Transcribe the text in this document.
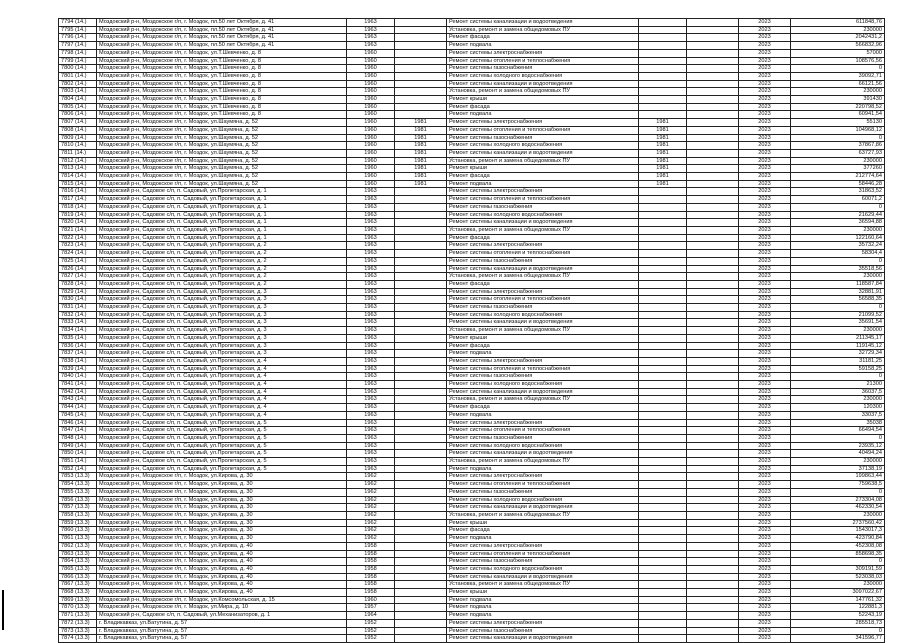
7794 (14.)	Моздокский р-н, Моздокское г/п, г. Моздок, пл.50 лет Октября, д. 41	1963		Ремонт системы канализации и водоотведения			2023	611848,76
7795 (14.)	Моздокский р-н, Моздокское г/п, г. Моздок, пл.50 лет Октября, д. 41	1963		Установка, ремонт и замена общедомовых ПУ			2023	230000
7796 (14.)	Моздокский р-н, Моздокское г/п, г. Моздок, пл.50 лет Октября, д. 41	1963		Ремонт фасада			2023	2042431,2
7797 (14.)	Моздокский р-н, Моздокское г/п, г. Моздок, пл.50 лет Октября, д. 41	1963		Ремонт подвала			2023	566832,96
7798 (14.)	Моздокский р-н, Моздокское г/п, г. Моздок, ул.Т.Шевченко, д. 8	1960		Ремонт системы электроснабжения			2023	57000
7799 (14.)	Моздокский р-н, Моздокское г/п, г. Моздок, ул.Т.Шевченко, д. 8	1960		Ремонт системы отопления и теплоснабжения			2023	108576,56
7800 (14.)	Моздокский р-н, Моздокское г/п, г. Моздок, ул.Т.Шевченко, д. 8	1960		Ремонт системы газоснабжения			2023	0
7801 (14.)	Моздокский р-н, Моздокское г/п, г. Моздок, ул.Т.Шевченко, д. 8	1960		Ремонт системы холодного водоснабжения			2023	39092,71
7802 (14.)	Моздокский р-н, Моздокское г/п, г. Моздок, ул.Т.Шевченко, д. 8	1960		Ремонт системы канализации и водоотведения			2023	66121,56
7803 (14.)	Моздокский р-н, Моздокское г/п, г. Моздок, ул.Т.Шевченко, д. 8	1960		Установка, ремонт и замена общедомовых ПУ			2023	230000
7804 (14.)	Моздокский р-н, Моздокское г/п, г. Моздок, ул.Т.Шевченко, д. 8	1960		Ремонт крыши			2023	391430
7805 (14.)	Моздокский р-н, Моздокское г/п, г. Моздок, ул.Т.Шевченко, д. 8	1960		Ремонт фасада			2023	220798,52
7806 (14.)	Моздокский р-н, Моздокское г/п, г. Моздок, ул.Т.Шевченко, д. 8	1960		Ремонт подвала			2023	60941,54
7807 (14.)	Моздокский р-н, Моздокское г/п, г. Моздок, ул.Шаумяна, д. 52	1960	1981	Ремонт системы электроснабжения	1981		2023	55130
7808 (14.)	Моздокский р-н, Моздокское г/п, г. Моздок, ул.Шаумяна, д. 52	1960	1981	Ремонт системы отопления и теплоснабжения	1981		2023	104968,12
7809 (14.)	Моздокский р-н, Моздокское г/п, г. Моздок, ул.Шаумяна, д. 52	1960	1981	Ремонт системы газоснабжения	1981		2023	0
7810 (14.)	Моздокский р-н, Моздокское г/п, г. Моздок, ул.Шаумяна, д. 52	1960	1981	Ремонт системы холодного водоснабжения	1981		2023	37867,86
7811 (14.)	Моздокский р-н, Моздокское г/п, г. Моздок, ул.Шаумяна, д. 52	1960	1981	Ремонт системы канализации и водоотведения	1981		2023	63727,93
7812 (14.)	Моздокский р-н, Моздокское г/п, г. Моздок, ул.Шаумяна, д. 52	1960	1981	Установка, ремонт и замена общедомовых ПУ	1981		2023	230000
7813 (14.)	Моздокский р-н, Моздокское г/п, г. Моздок, ул.Шаумяна, д. 52	1960	1981	Ремонт крыши	1981		2023	377260
7814 (14.)	Моздокский р-н, Моздокское г/п, г. Моздок, ул.Шаумяна, д. 52	1960	1981	Ремонт фасада	1981		2023	212774,64
7815 (14.)	Моздокский р-н, Моздокское г/п, г. Моздок, ул.Шаумяна, д. 52	1960	1981	Ремонт подвала	1981		2023	58446,28
7816 (14.)	Моздокский р-н, Садовое с/п, п. Садовый, ул.Пролетарская, д. 1	1963		Ремонт системы электроснабжения			2023	31863,52
7817 (14.)	Моздокский р-н, Садовое с/п, п. Садовый, ул.Пролетарская, д. 1	1963		Ремонт системы отопления и теплоснабжения			2023	60071,2
7818 (14.)	Моздокский р-н, Садовое с/п, п. Садовый, ул.Пролетарская, д. 1	1963		Ремонт системы газоснабжения			2023	0
7819 (14.)	Моздокский р-н, Садовое с/п, п. Садовый, ул.Пролетарская, д. 1	1963		Ремонт системы холодного водоснабжения			2023	21629,44
7820 (14.)	Моздокский р-н, Садовое с/п, п. Садовый, ул.Пролетарская, д. 1	1963		Ремонт системы канализации и водоотведения			2023	36594,88
7821 (14.)	Моздокский р-н, Садовое с/п, п. Садовый, ул.Пролетарская, д. 1	1963		Установка, ремонт и замена общедомовых ПУ			2023	230000
7822 (14.)	Моздокский р-н, Садовое с/п, п. Садовый, ул.Пролетарская, д. 1	1963		Ремонт фасада			2023	122160,64
7823 (14.)	Моздокский р-н, Садовое с/п, п. Садовый, ул.Пролетарская, д. 2	1963		Ремонт системы электроснабжения			2023	35732,24
7824 (14.)	Моздокский р-н, Садовое с/п, п. Садовый, ул.Пролетарская, д. 2	1963		Ремонт системы отопления и теплоснабжения			2023	58304,4
7825 (14.)	Моздокский р-н, Садовое с/п, п. Садовый, ул.Пролетарская, д. 2	1963		Ремонт системы газоснабжения			2023	0
7826 (14.)	Моздокский р-н, Садовое с/п, п. Садовый, ул.Пролетарская, д. 2	1963		Ремонт системы канализации и водоотведения			2023	35518,56
7827 (14.)	Моздокский р-н, Садовое с/п, п. Садовый, ул.Пролетарская, д. 2	1963		Установка, ремонт и замена общедомовых ПУ			2023	230000
7828 (14.)	Моздокский р-н, Садовое с/п, п. Садовый, ул.Пролетарская, д. 2	1963		Ремонт фасада			2023	118587,84
7829 (14.)	Моздокский р-н, Садовое с/п, п. Садовый, ул.Пролетарская, д. 3	1963		Ремонт системы электроснабжения			2023	32881,91
7830 (14.)	Моздокский р-н, Садовое с/п, п. Садовый, ул.Пролетарская, д. 3	1963		Ремонт системы отопления и теплоснабжения			2023	56588,35
7831 (14.)	Моздокский р-н, Садовое с/п, п. Садовый, ул.Пролетарская, д. 3	1963		Ремонт системы газоснабжения			2023	0
7832 (14.)	Моздокский р-н, Садовое с/п, п. Садовый, ул.Пролетарская, д. 3	1963		Ремонт системы холодного водоснабжения			2023	21099,52
7833 (14.)	Моздокский р-н, Садовое с/п, п. Садовый, ул.Пролетарская, д. 3	1963		Ремонт системы канализации и водоотведения			2023	35691,54
7834 (14.)	Моздокский р-н, Садовое с/п, п. Садовый, ул.Пролетарская, д. 3	1963		Установка, ремонт и замена общедомовых ПУ			2023	230000
7835 (14.)	Моздокский р-н, Садовое с/п, п. Садовый, ул.Пролетарская, д. 3	1963		Ремонт крыши			2023	211345,17
7836 (14.)	Моздокский р-н, Садовое с/п, п. Садовый, ул.Пролетарская, д. 3	1963		Ремонт фасада			2023	119145,12
7837 (14.)	Моздокский р-н, Садовое с/п, п. Садовый, ул.Пролетарская, д. 3	1963		Ремонт подвала			2023	32729,34
7838 (14.)	Моздокский р-н, Садовое с/п, п. Садовый, ул.Пролетарская, д. 4	1963		Ремонт системы электроснабжения			2023	31181,25
7839 (14.)	Моздокский р-н, Садовое с/п, п. Садовый, ул.Пролетарская, д. 4	1963		Ремонт системы отопления и теплоснабжения			2023	59158,25
7840 (14.)	Моздокский р-н, Садовое с/п, п. Садовый, ул.Пролетарская, д. 4	1963		Ремонт системы газоснабжения			2023	0
7841 (14.)	Моздокский р-н, Садовое с/п, п. Садовый, ул.Пролетарская, д. 4	1963		Ремонт системы холодного водоснабжения			2023	21300
7842 (14.)	Моздокский р-н, Садовое с/п, п. Садовый, ул.Пролетарская, д. 4	1963		Ремонт системы канализации и водоотведения			2023	36037,5
7843 (14.)	Моздокский р-н, Садовое с/п, п. Садовый, ул.Пролетарская, д. 4	1963		Установка, ремонт и замена общедомовых ПУ			2023	230000
7844 (14.)	Моздокский р-н, Садовое с/п, п. Садовый, ул.Пролетарская, д. 4	1963		Ремонт фасада			2023	120300
7845 (14.)	Моздокский р-н, Садовое с/п, п. Садовый, ул.Пролетарская, д. 4	1963		Ремонт подвала			2023	33037,5
7846 (14.)	Моздокский р-н, Садовое с/п, п. Садовый, ул.Пролетарская, д. 5	1963		Ремонт системы электроснабжения			2023	35038
7847 (14.)	Моздокский р-н, Садовое с/п, п. Садовый, ул.Пролетарская, д. 5	1963		Ремонт системы отопления и теплоснабжения			2023	66494,54
7848 (14.)	Моздокский р-н, Садовое с/п, п. Садовый, ул.Пролетарская, д. 5	1963		Ремонт системы газоснабжения			2023	0
7849 (14.)	Моздокский р-н, Садовое с/п, п. Садовый, ул.Пролетарская, д. 5	1963		Ремонт системы холодного водоснабжения			2023	23935,12
7850 (14.)	Моздокский р-н, Садовое с/п, п. Садовый, ул.Пролетарская, д. 5	1963		Ремонт системы канализации и водоотведения			2023	40494,24
7851 (14.)	Моздокский р-н, Садовое с/п, п. Садовый, ул.Пролетарская, д. 5	1963		Установка, ремонт и замена общедомовых ПУ			2023	230000
7852 (14.)	Моздокский р-н, Садовое с/п, п. Садовый, ул.Пролетарская, д. 5	1963		Ремонт подвала			2023	37138,19
7853 (13.3)	Моздокский р-н, Моздокское г/п, г. Моздок, ул.Кирова, д. 30	1962		Ремонт системы электроснабжения			2023	199863,44
7854 (13.3)	Моздокский р-н, Моздокское г/п, г. Моздок, ул.Кирова, д. 30	1962		Ремонт системы отопления и теплоснабжения			2023	759638,5
7855 (13.3)	Моздокский р-н, Моздокское г/п, г. Моздок, ул.Кирова, д. 30	1962		Ремонт системы газоснабжения			2023	0
7856 (13.3)	Моздокский р-н, Моздокское г/п, г. Моздок, ул.Кирова, д. 30	1962		Ремонт системы холодного водоснабжения			2023	273304,08
7857 (13.3)	Моздокский р-н, Моздокское г/п, г. Моздок, ул.Кирова, д. 30	1962		Ремонт системы канализации и водоотведения			2023	462330,54
7858 (13.3)	Моздокский р-н, Моздокское г/п, г. Моздок, ул.Кирова, д. 30	1962		Установка, ремонт и замена общедомовых ПУ			2023	230000
7859 (13.3)	Моздокский р-н, Моздокское г/п, г. Моздок, ул.Кирова, д. 30	1962		Ремонт крыши			2023	2737560,42
7860 (13.3)	Моздокский р-н, Моздокское г/п, г. Моздок, ул.Кирова, д. 30	1962		Ремонт фасада			2023	1543017,3
7861 (13.3)	Моздокский р-н, Моздокское г/п, г. Моздок, ул.Кирова, д. 30	1962		Ремонт подвала			2023	423790,84
7862 (13.3)	Моздокский р-н, Моздокское г/п, г. Моздок, ул.Кирова, д. 40	1958		Ремонт системы электроснабжения			2023	452308,08
7863 (13.3)	Моздокский р-н, Моздокское г/п, г. Моздок, ул.Кирова, д. 40	1958		Ремонт системы отопления и теплоснабжения			2023	858698,35
7864 (13.3)	Моздокский р-н, Моздокское г/п, г. Моздок, ул.Кирова, д. 40	1958		Ремонт системы газоснабжения			2023	0
7865 (13.3)	Моздокский р-н, Моздокское г/п, г. Моздок, ул.Кирова, д. 40	1958		Ремонт системы холодного водоснабжения			2023	309191,59
7866 (13.3)	Моздокский р-н, Моздокское г/п, г. Моздок, ул.Кирова, д. 40	1958		Ремонт системы канализации и водоотведения			2023	523038,03
7867 (13.3)	Моздокский р-н, Моздокское г/п, г. Моздок, ул.Кирова, д. 40	1958		Установка, ремонт и замена общедомовых ПУ			2023	230000
7868 (13.3)	Моздокский р-н, Моздокское г/п, г. Моздок, ул.Кирова, д. 40	1958		Ремонт крыши			2023	3097022,67
7869 (13.3)	Моздокский р-н, Моздокское г/п, г. Моздок, ул.Комсомольская, д. 15	1960		Ремонт подвала			2023	147761,32
7870 (13.3)	Моздокский р-н, Моздокское г/п, г. Моздок, ул.Мира, д. 10	1957		Ремонт подвала			2023	122881,3
7871 (13.3)	Моздокский р-н, Садовое с/п, п. Садовый, ул.Механизаторов, д. 1	1964		Ремонт подвала			2023	52243,19
7872 (13.3)	г. Владикавказ, ул.Ватутина, д. 57	1952		Ремонт системы электроснабжения			2023	285518,73
7873 (13.3)	г. Владикавказ, ул.Ватутина, д. 57	1952		Ремонт системы газоснабжения			2023	0
7874 (13.3)	г. Владикавказ, ул.Ватутина, д. 57	1952		Ремонт системы канализации и водоотведения			2023	341596,77
